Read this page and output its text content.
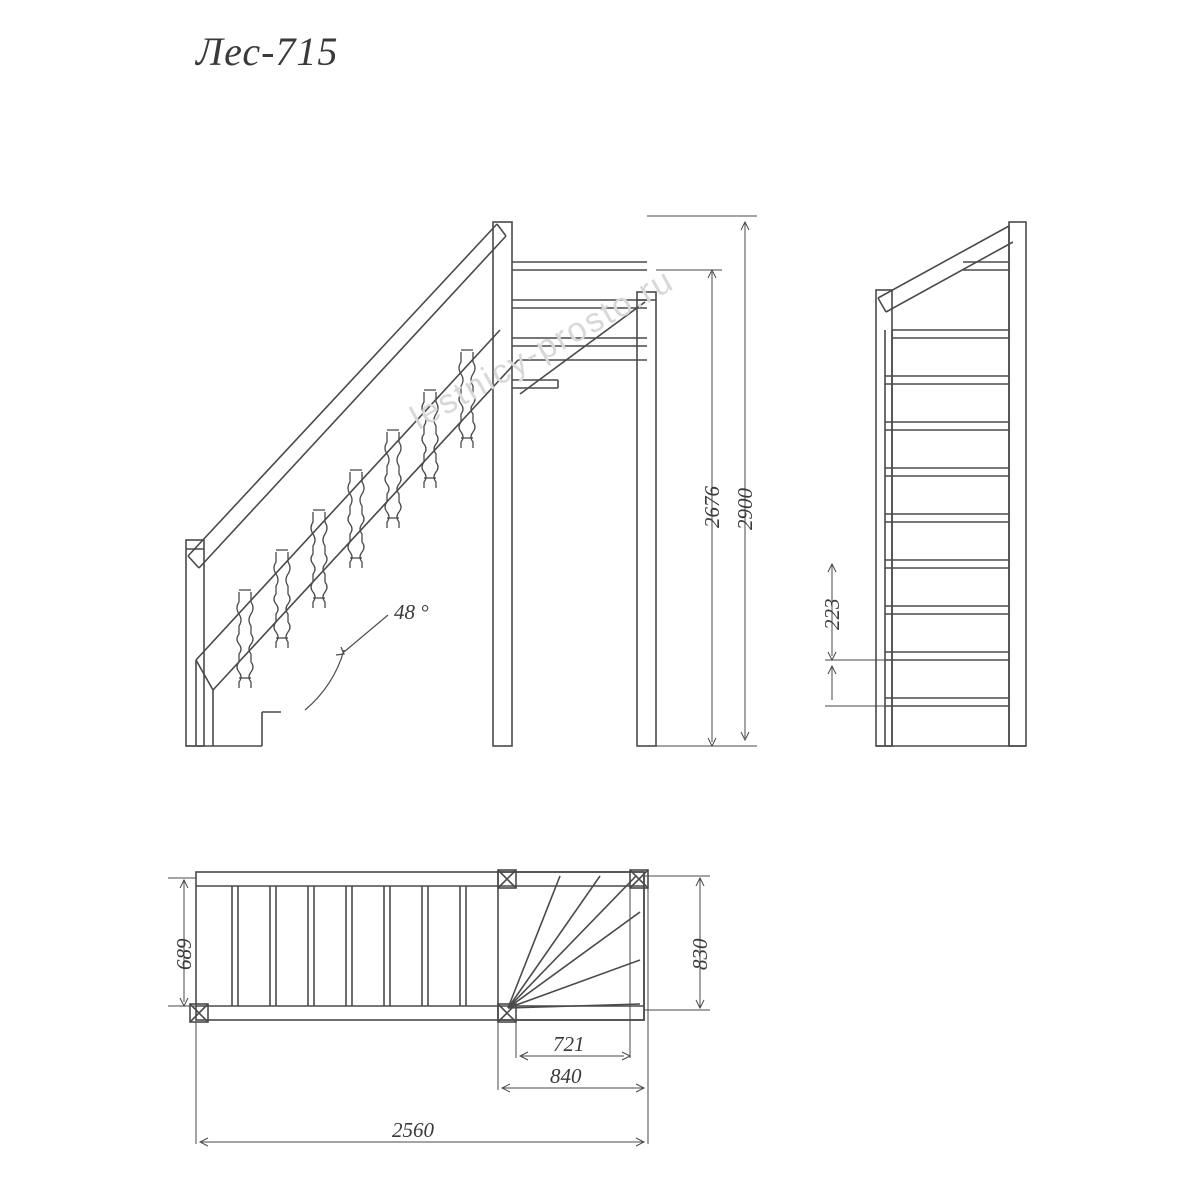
Лес-715
2900
2676
223
48 °
689	830
721
840
2560
lestnicy-prosto.ru
